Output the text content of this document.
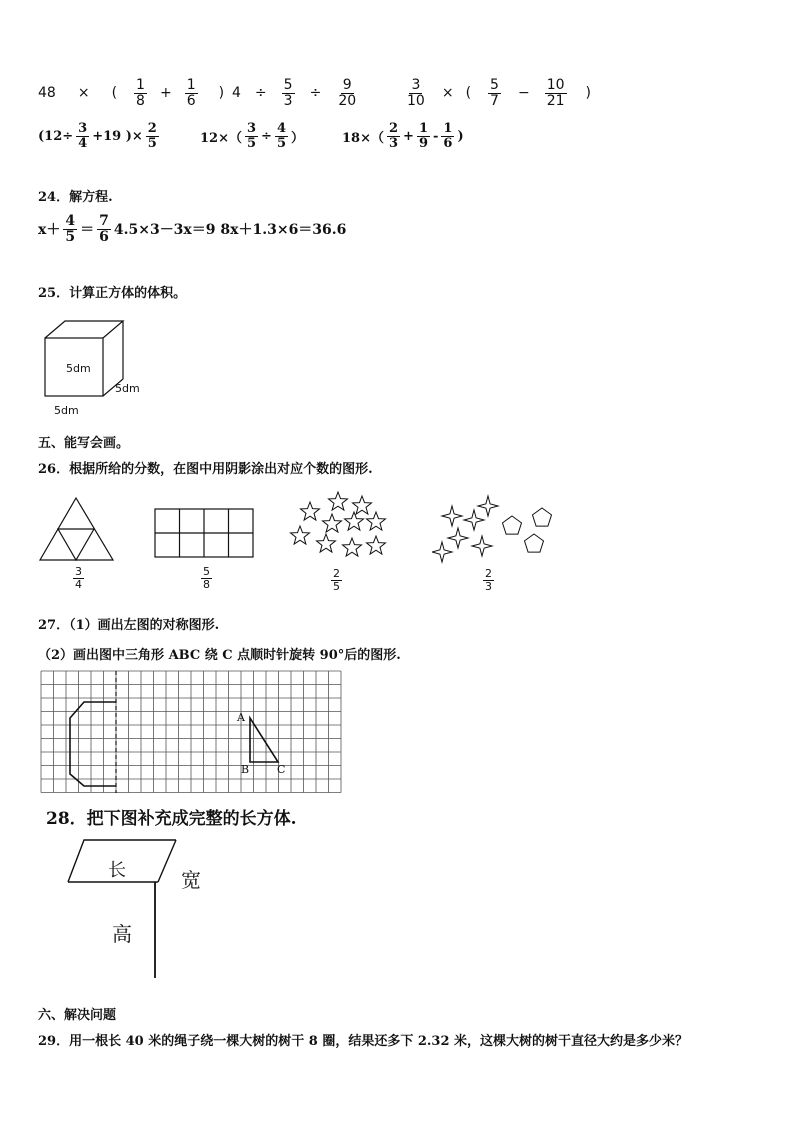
48 × ( $\frac{1}{8} + \frac{1}{6}$ ) $4 \div \frac{5}{3} \div \frac{9}{20}$	$\frac{3}{10}$ × ( $\frac{5}{7} - \frac{10}{21}$ )
($12\div \frac{3}{4} +19$ )× $\frac{2}{5}$	$12\times( \frac{3}{5} \div \frac{4}{5}$ ）	$18\times( \frac{2}{3} + \frac{1}{9} - \frac{1}{6}$ )
24．解方程.
$x+ \frac{4}{5} = \frac{7}{6} 4.5\times 3-3x=9$ 8x＋1.3×6＝36.6
25．计算正方体的体积。
5dm
5dm
5dm
五、能写会画。
26．根据所给的分数，在图中用阴影涂出对应个数的图形.
$\frac{3}{4}$	$\frac{5}{8}$	$\frac{2}{5}$	$\frac{2}{3}$
27．（1）画出左图的对称图形.
（2）画出图中三角形 ABC 绕 C 点顺时针旋转 90°后的图形.
A
B	C
28．把下图补充成完整的长方体.
长	宽
高
六、解决问题
29．用一根长 40 米的绳子绕一棵大树的树干 8 圈，结果还多下 2.32 米，这棵大树的树干直径大约是多少米？
